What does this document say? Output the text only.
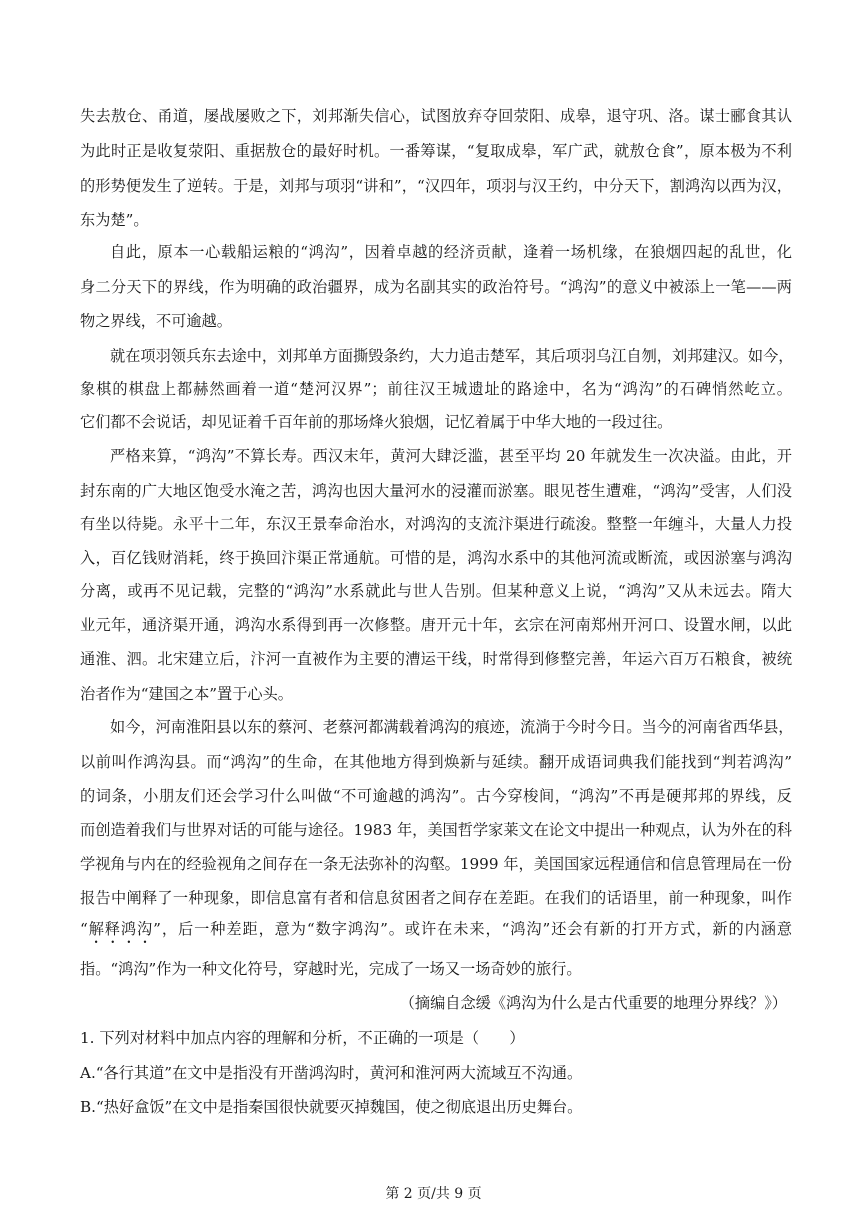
失去敖仓、甬道，屡战屡败之下，刘邦渐失信心，试图放弃夺回荥阳、成皋，退守巩、洛。谋士郦食其认
为此时正是收复荥阳、重据敖仓的最好时机。一番筹谋，“复取成皋，军广武，就敖仓食”，原本极为不利
的形势便发生了逆转。于是，刘邦与项羽“讲和”，“汉四年，项羽与汉王约，中分天下，割鸿沟以西为汉，
东为楚”。
自此，原本一心载船运粮的“鸿沟”，因着卓越的经济贡献，逢着一场机缘，在狼烟四起的乱世，化
身二分天下的界线，作为明确的政治疆界，成为名副其实的政治符号。“鸿沟”的意义中被添上一笔——两
物之界线，不可逾越。
就在项羽领兵东去途中，刘邦单方面撕毁条约，大力追击楚军，其后项羽乌江自刎，刘邦建汉。如今，
象棋的棋盘上都赫然画着一道“楚河汉界”；前往汉王城遗址的路途中，名为“鸿沟”的石碑悄然屹立。
它们都不会说话，却见证着千百年前的那场烽火狼烟，记忆着属于中华大地的一段过往。
严格来算，“鸿沟”不算长寿。西汉末年，黄河大肆泛滥，甚至平均 20 年就发生一次决溢。由此，开
封东南的广大地区饱受水淹之苦，鸿沟也因大量河水的浸灌而淤塞。眼见苍生遭难，“鸿沟”受害，人们没
有坐以待毙。永平十二年，东汉王景奉命治水，对鸿沟的支流汴渠进行疏浚。整整一年缠斗，大量人力投
入，百亿钱财消耗，终于换回汴渠正常通航。可惜的是，鸿沟水系中的其他河流或断流，或因淤塞与鸿沟
分离，或再不见记载，完整的“鸿沟”水系就此与世人告别。但某种意义上说，“鸿沟”又从未远去。隋大
业元年，通济渠开通，鸿沟水系得到再一次修整。唐开元十年，玄宗在河南郑州开河口、设置水闸，以此
通淮、泗。北宋建立后，汴河一直被作为主要的漕运干线，时常得到修整完善，年运六百万石粮食，被统
治者作为“建国之本”置于心头。
如今，河南淮阳县以东的蔡河、老蔡河都满载着鸿沟的痕迹，流淌于今时今日。当今的河南省西华县，
以前叫作鸿沟县。而“鸿沟”的生命，在其他地方得到焕新与延续。翻开成语词典我们能找到“判若鸿沟”
的词条，小朋友们还会学习什么叫做“不可逾越的鸿沟”。古今穿梭间，“鸿沟”不再是硬邦邦的界线，反
而创造着我们与世界对话的可能与途径。1983 年，美国哲学家莱文在论文中提出一种观点，认为外在的科
学视角与内在的经验视角之间存在一条无法弥补的沟壑。1999 年，美国国家远程通信和信息管理局在一份
报告中阐释了一种现象，即信息富有者和信息贫困者之间存在差距。在我们的话语里，前一种现象，叫作
“解释鸿沟”，后一种差距，意为“数字鸿沟”。或许在未来，“鸿沟”还会有新的打开方式，新的内涵意
指。“鸿沟”作为一种文化符号，穿越时光，完成了一场又一场奇妙的旅行。
（摘编自念缓《鸿沟为什么是古代重要的地理分界线？》）
1. 下列对材料中加点内容的理解和分析，不正确的一项是（　　）
A.“各行其道”在文中是指没有开凿鸿沟时，黄河和淮河两大流域互不沟通。
B.“热好盒饭”在文中是指秦国很快就要灭掉魏国，使之彻底退出历史舞台。
第 2 页/共 9 页
